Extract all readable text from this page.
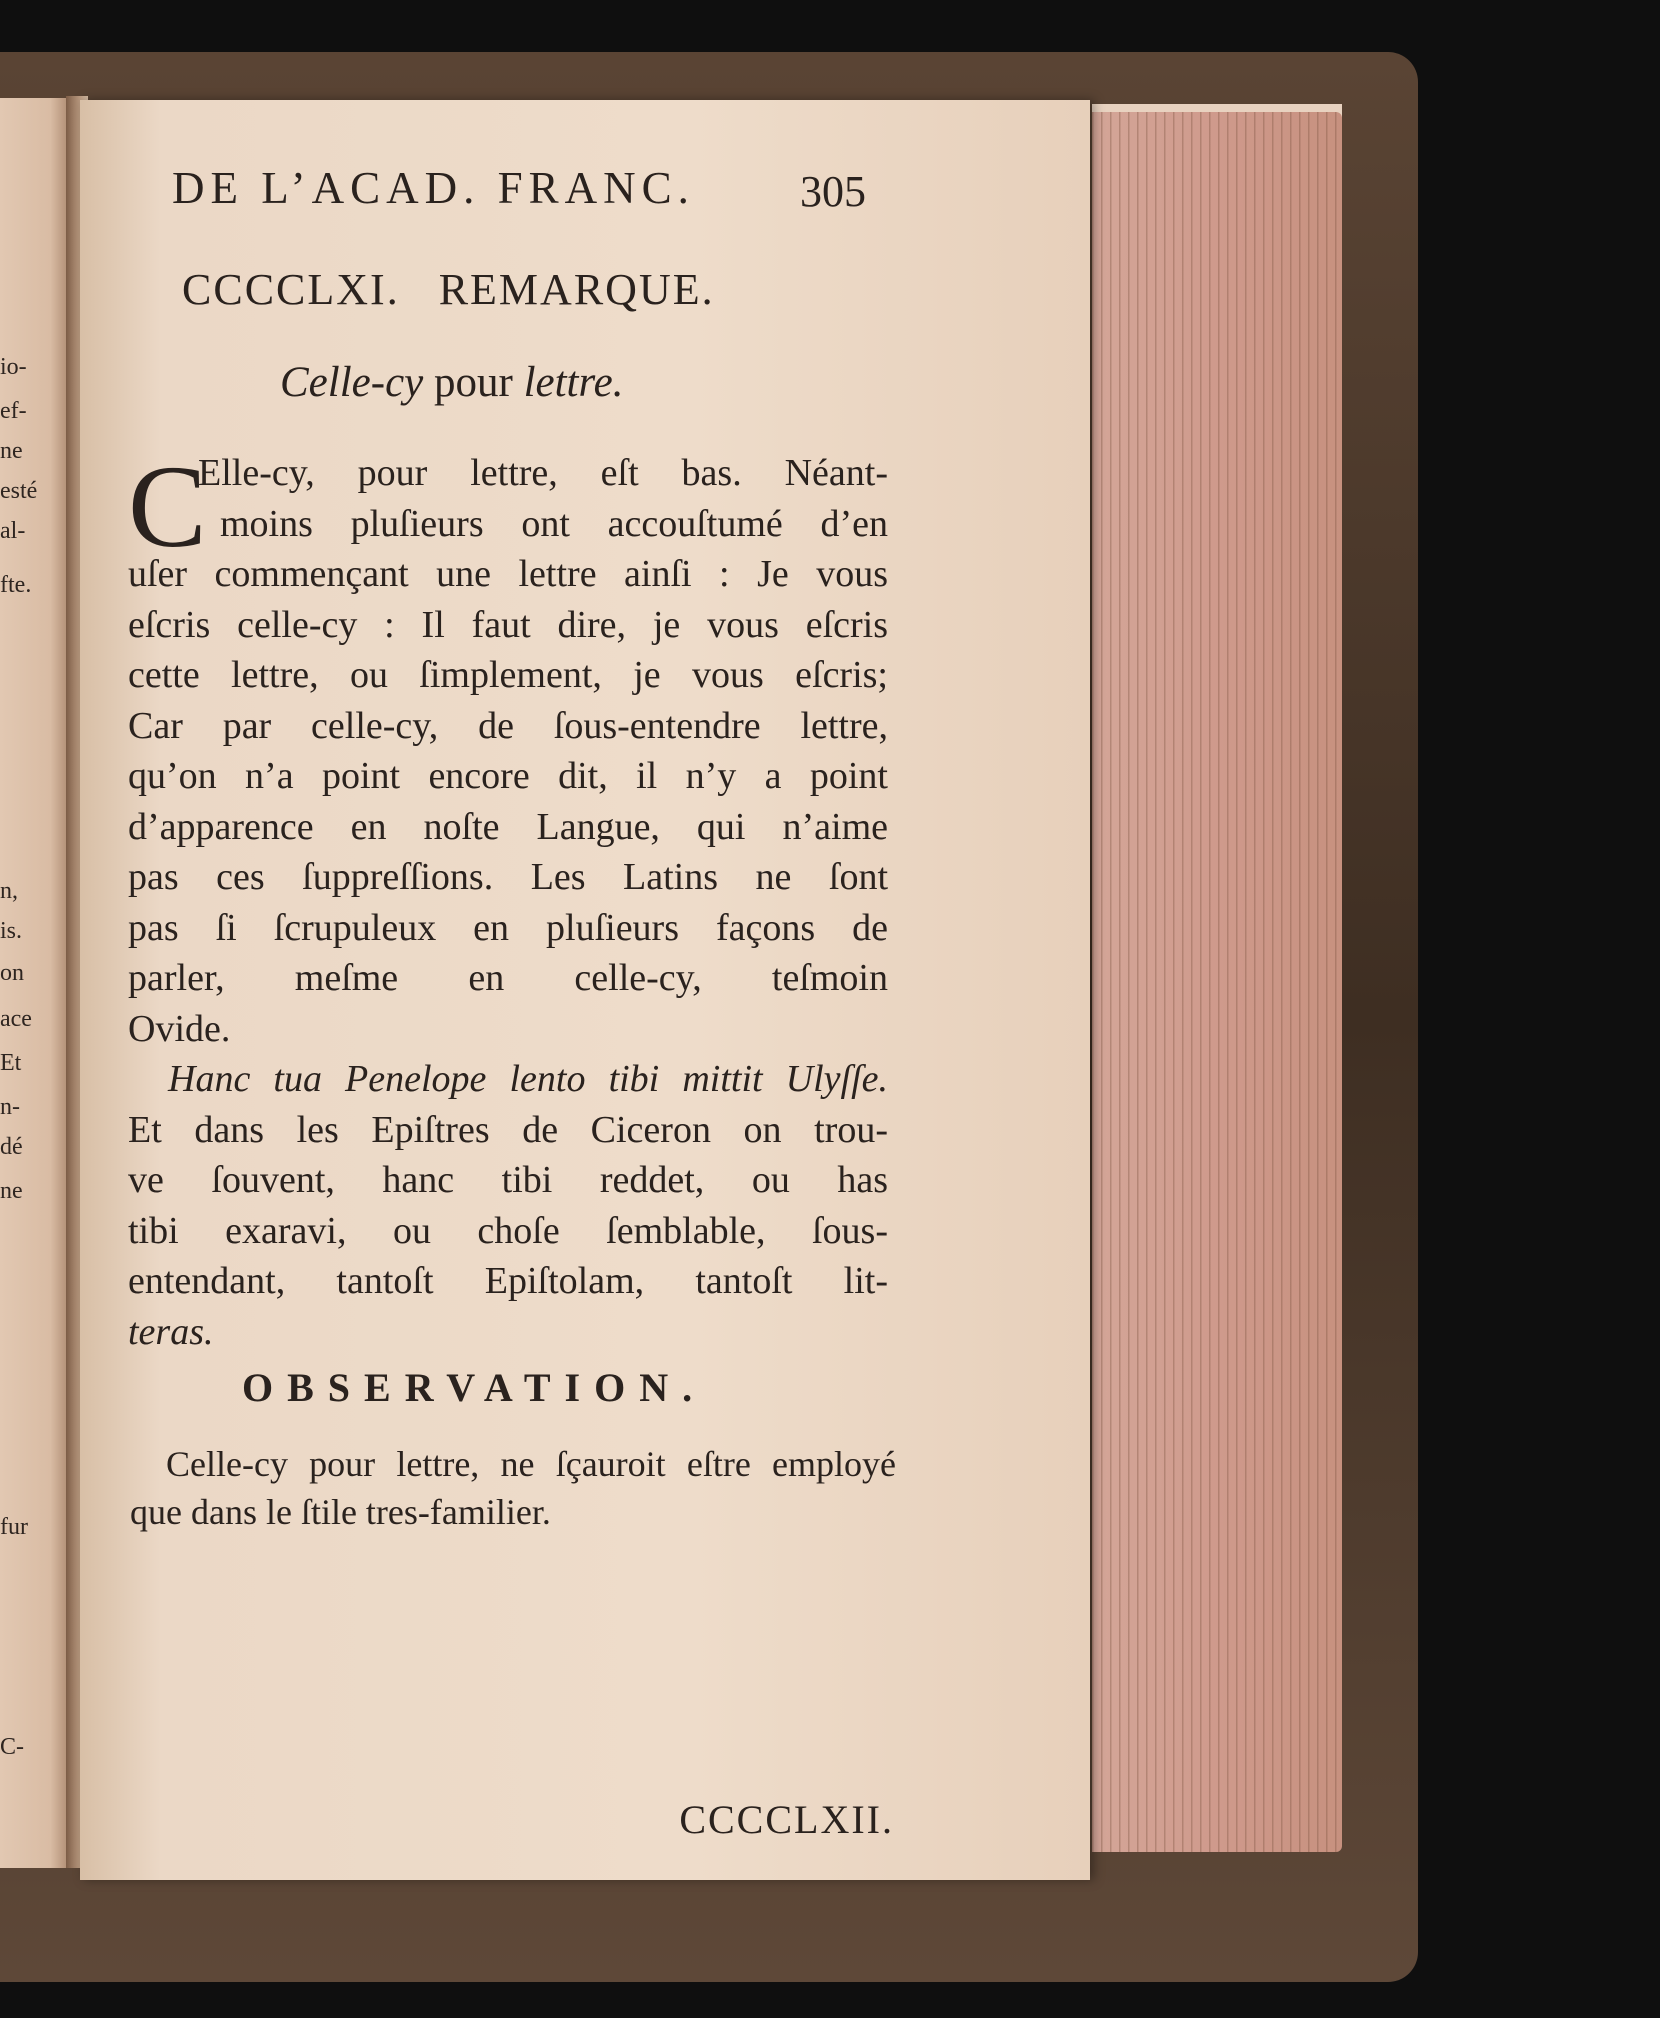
io-
ef-
ne
esté
al-
fte.
n,
is.
on
ace
Et
n-
dé
ne
fur
C-
DE L’ACAD. FRANC.	305
CCCCLXI. REMARQUE.
Celle-cy pour lettre.
C
Elle-cy, pour lettre, eſt bas. Néant-
moins pluſieurs ont accouſtumé d’en
uſer commençant une lettre ainſi : Je vous
eſcris celle-cy : Il faut dire, je vous eſcris
cette lettre, ou ſimplement, je vous eſcris;
Car par celle-cy, de ſous-entendre lettre,
qu’on n’a point encore dit, il n’y a point
d’apparence en noſte Langue, qui n’aime
pas ces ſuppreſſions. Les Latins ne ſont
pas ſi ſcrupuleux en pluſieurs façons de
parler, meſme en celle-cy, teſmoin
Ovide.
Hanc tua Penelope lento tibi mittit Ulyſſe.
Et dans les Epiſtres de Ciceron on trou-
ve ſouvent, hanc tibi reddet, ou has
tibi exaravi, ou choſe ſemblable, ſous-
entendant, tantoſt Epiſtolam, tantoſt lit-
teras.
OBSERVATION.
Celle-cy pour lettre, ne ſçauroit eſtre employé
que dans le ſtile tres-familier.
CCCCLXII.
